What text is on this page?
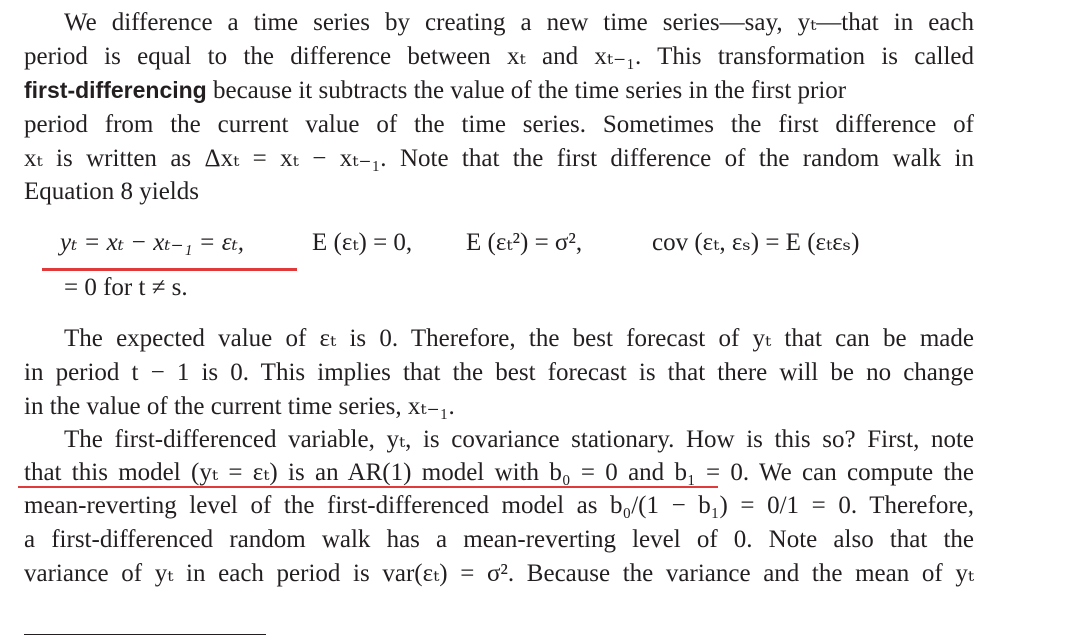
We difference a time series by creating a new time series—say, yₜ—that in each
period is equal to the difference between xₜ and xₜ₋₁. This transformation is called
first-differencing because it subtracts the value of the time series in the first prior
period from the current value of the time series. Sometimes the first difference of
xₜ is written as Δxₜ = xₜ − xₜ₋₁. Note that the first difference of the random walk in
Equation 8 yields
yₜ = xₜ − xₜ₋₁ = εₜ,	E (εₜ) = 0, E (εₜ²) = σ²,	cov (εₜ, εₛ) = E (εₜεₛ)
= 0 for t ≠ s.
The expected value of εₜ is 0. Therefore, the best forecast of yₜ that can be made
in period t − 1 is 0. This implies that the best forecast is that there will be no change
in the value of the current time series, xₜ₋₁.
The first-differenced variable, yₜ, is covariance stationary. How is this so? First, note
that this model (yₜ = εₜ) is an AR(1) model with b₀ = 0 and b₁ = 0. We can compute the
mean-reverting level of the first-differenced model as b₀/(1 − b₁) = 0/1 = 0. Therefore,
a first-differenced random walk has a mean-reverting level of 0. Note also that the
variance of yₜ in each period is var(εₜ) = σ². Because the variance and the mean of yₜ
